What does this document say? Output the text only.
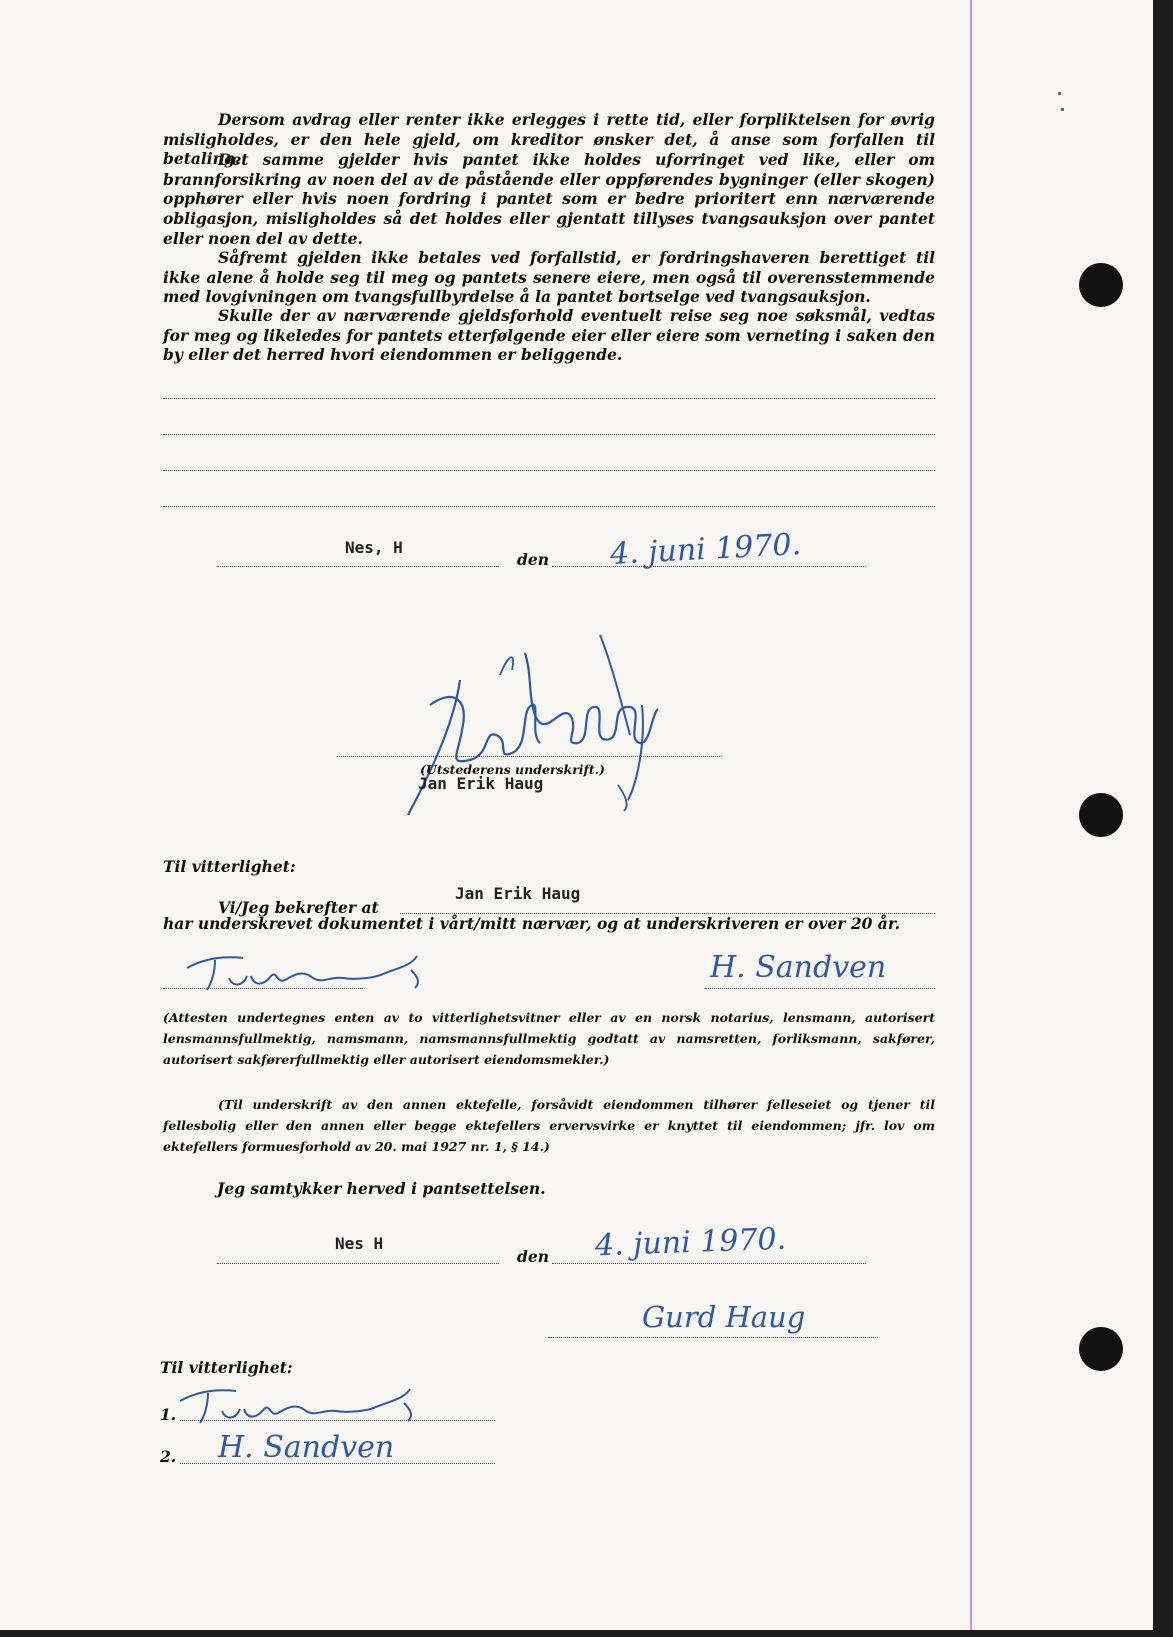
Dersom avdrag eller renter ikke erlegges i rette tid, eller forpliktelsen for øvrig misligholdes, er den hele gjeld, om kreditor ønsker det, å anse som forfallen til betaling.

Det samme gjelder hvis pantet ikke holdes uforringet ved like, eller om brannforsikring av noen del av de påstående eller oppførendes bygninger (eller skogen) opphører eller hvis noen fordring i pantet som er bedre prioritert enn nærværende obligasjon, misligholdes så det holdes eller gjentatt tillyses tvangsauksjon over pantet eller noen del av dette.

Såfremt gjelden ikke betales ved forfallstid, er fordringshaveren berettiget til ikke alene å holde seg til meg og pantets senere eiere, men også til overensstemmende med lovgivningen om tvangsfullbyrdelse å la pantet bortselge ved tvangsauksjon.

Skulle der av nærværende gjeldsforhold eventuelt reise seg noe søksmål, vedtas for meg og likeledes for pantets etterfølgende eier eller eiere som verneting i saken den by eller det herred hvori eiendommen er beliggende.

Nes, H
den 4. juni 1970.
(Utstederens underskrift.)
Jan Erik Haug
Til vitterlighet:
Vi/Jeg bekrefter at
Jan Erik Haug

har underskrevet dokumentet i vårt/mitt nærvær, og at underskriveren er over 20 år.

H. Sandven

(Attesten undertegnes enten av to vitterlighetsvitner eller av en norsk notarius, lensmann, autorisert lensmannsfullmektig, namsmann, namsmannsfullmektig godtatt av namsretten, forliksmann, sakfører, autorisert sakførerfullmektig eller autorisert eiendomsmekler.)

(Til underskrift av den annen ektefelle, forsåvidt eiendommen tilhører felleseiet og tjener til fellesbolig eller den annen eller begge ektefellers ervervsvirke er knyttet til eiendommen; jfr. lov om ektefellers formuesforhold av 20. mai 1927 nr. 1, § 14.)

Jeg samtykker herved i pantsettelsen.
Nes H
den 4. juni 1970.
Gurd Haug
Til vitterlighet:
1.
2. H. Sandven
